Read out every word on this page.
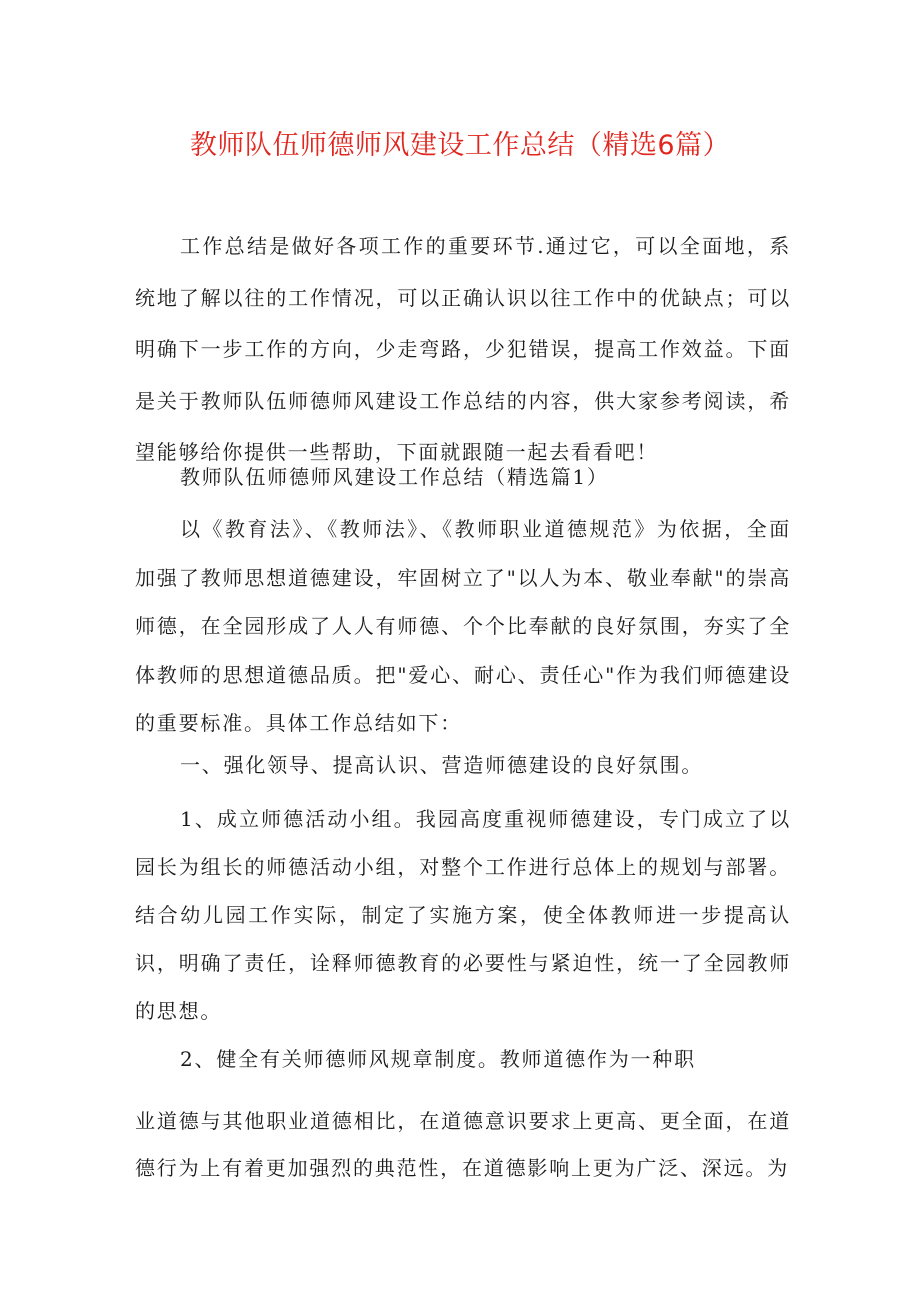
教师队伍师德师风建设工作总结（精选6篇）

工作总结是做好各项工作的重要环节.通过它，可以全面地，系统地了解以往的工作情况，可以正确认识以往工作中的优缺点；可以明确下一步工作的方向，少走弯路，少犯错误，提高工作效益。下面是关于教师队伍师德师风建设工作总结的内容，供大家参考阅读，希望能够给你提供一些帮助，下面就跟随一起去看看吧！

教师队伍师德师风建设工作总结（精选篇1）

以《教育法》、《教师法》、《教师职业道德规范》为依据，全面加强了教师思想道德建设，牢固树立了"以人为本、敬业奉献"的崇高师德，在全园形成了人人有师德、个个比奉献的良好氛围，夯实了全体教师的思想道德品质。把"爱心、耐心、责任心"作为我们师德建设的重要标准。具体工作总结如下：

一、强化领导、提高认识、营造师德建设的良好氛围。

1、成立师德活动小组。我园高度重视师德建设，专门成立了以园长为组长的师德活动小组，对整个工作进行总体上的规划与部署。结合幼儿园工作实际，制定了实施方案，使全体教师进一步提高认识，明确了责任，诠释师德教育的必要性与紧迫性，统一了全园教师的思想。

2、健全有关师德师风规章制度。教师道德作为一种职

业道德与其他职业道德相比，在道德意识要求上更高、更全面，在道德行为上有着更加强烈的典范性，在道德影响上更为广泛、深远。为
